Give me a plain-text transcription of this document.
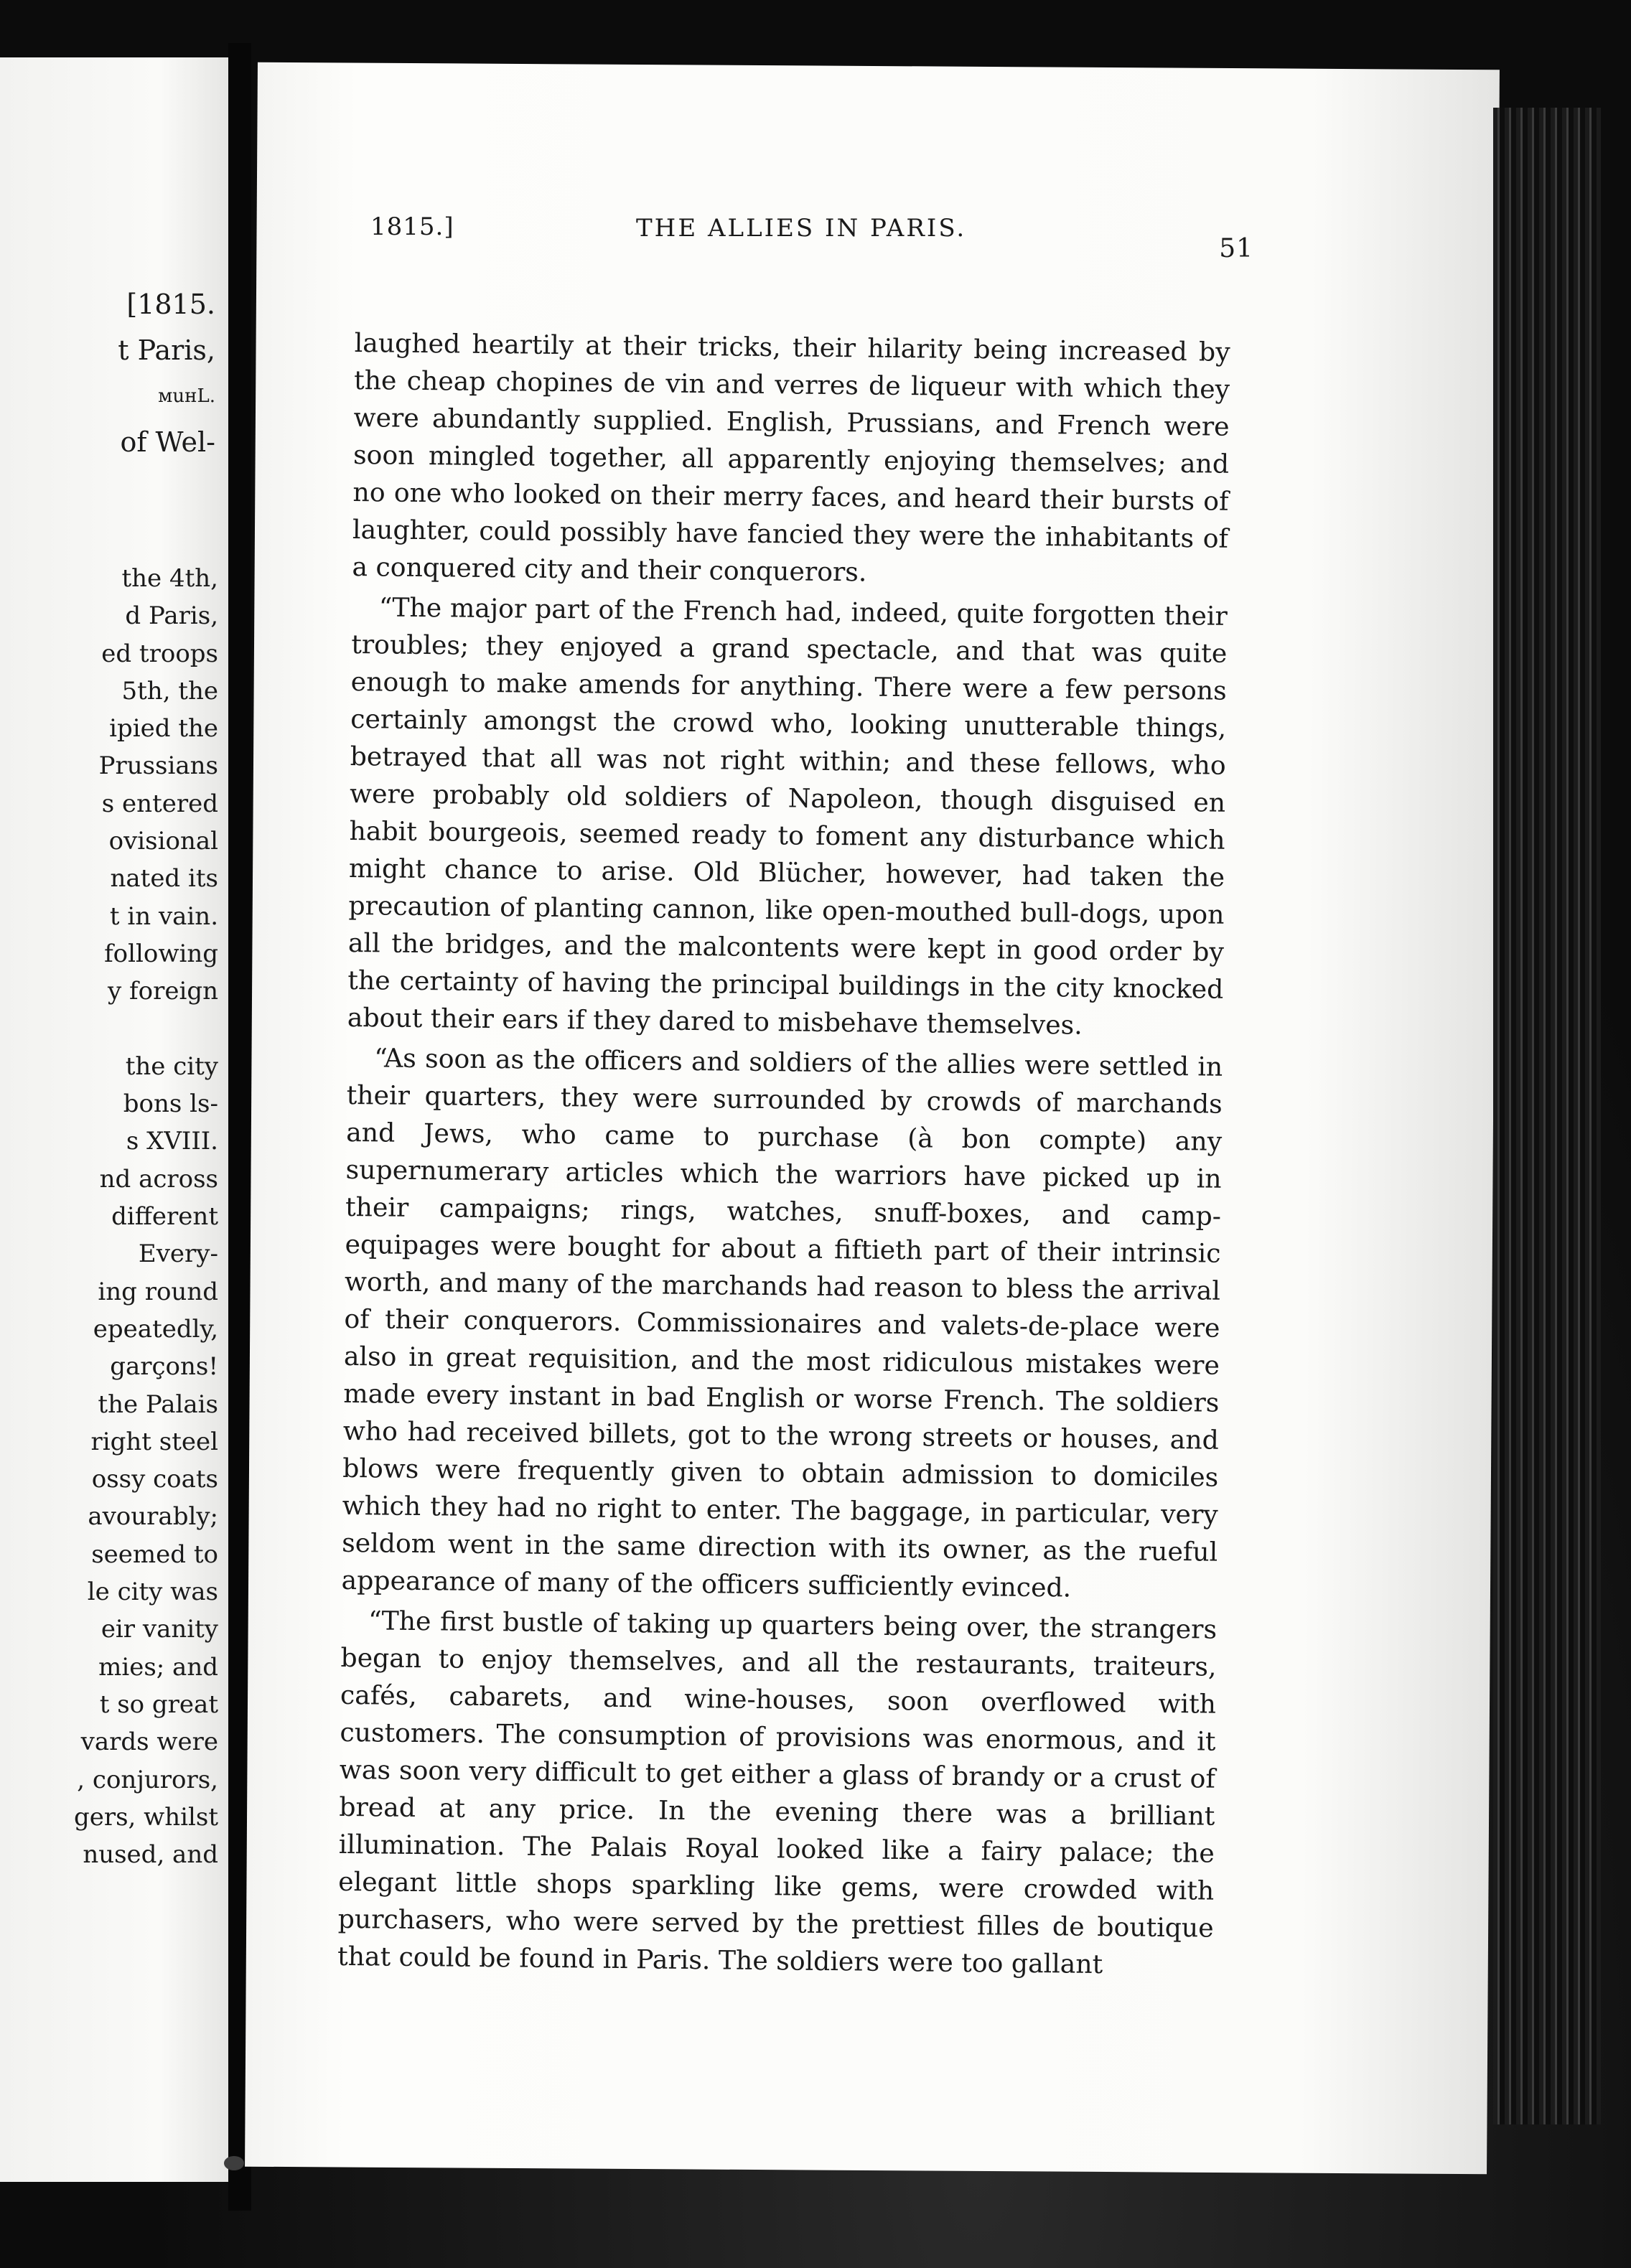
[1815.
t Paris,
мuнL.
of Wel-
the 4th,
d Paris,
ed troops
5th, the
ipied the
Prussians
s entered
ovisional
nated its
t in vain.
following
y foreign

the city
bons ls-
s XVIII.
nd across
different
Every-
ing round
epeatedly,
garçons!
the Palais
right steel
ossy coats
avourably;
seemed to
le city was
eir vanity
mies; and
t so great
vards were
, conjurors,
gers, whilst
nused, and
1815.]	THE ALLIES IN PARIS.
51

laughed heartily at their tricks, their hilarity being increased by the cheap chopines de vin and verres de liqueur with which they were abundantly supplied. English, Prussians, and French were soon mingled together, all apparently enjoying themselves; and no one who looked on their merry faces, and heard their bursts of laughter, could possibly have fancied they were the inhabitants of a conquered city and their conquerors.

“The major part of the French had, indeed, quite forgotten their troubles; they enjoyed a grand spectacle, and that was quite enough to make amends for anything. There were a few persons certainly amongst the crowd who, looking unutterable things, betrayed that all was not right within; and these fellows, who were probably old soldiers of Napoleon, though disguised en habit bourgeois, seemed ready to foment any disturbance which might chance to arise. Old Blücher, however, had taken the precaution of planting cannon, like open-mouthed bull-dogs, upon all the bridges, and the malcontents were kept in good order by the certainty of having the principal buildings in the city knocked about their ears if they dared to misbehave themselves.

“As soon as the officers and soldiers of the allies were settled in their quarters, they were surrounded by crowds of marchands and Jews, who came to purchase (à bon compte) any supernumerary articles which the warriors have picked up in their campaigns; rings, watches, snuff-boxes, and camp-equipages were bought for about a fiftieth part of their intrinsic worth, and many of the marchands had reason to bless the arrival of their conquerors. Commissionaires and valets-de-place were also in great requisition, and the most ridiculous mistakes were made every instant in bad English or worse French. The soldiers who had received billets, got to the wrong streets or houses, and blows were frequently given to obtain admission to domiciles which they had no right to enter. The baggage, in particular, very seldom went in the same direction with its owner, as the rueful appearance of many of the officers sufficiently evinced.

“The first bustle of taking up quarters being over, the strangers began to enjoy themselves, and all the restaurants, traiteurs, cafés, cabarets, and wine-houses, soon overflowed with customers. The consumption of provisions was enormous, and it was soon very difficult to get either a glass of brandy or a crust of bread at any price. In the evening there was a brilliant illumination. The Palais Royal looked like a fairy palace; the elegant little shops sparkling like gems, were crowded with purchasers, who were served by the prettiest filles de boutique that could be found in Paris. The soldiers were too gallant
